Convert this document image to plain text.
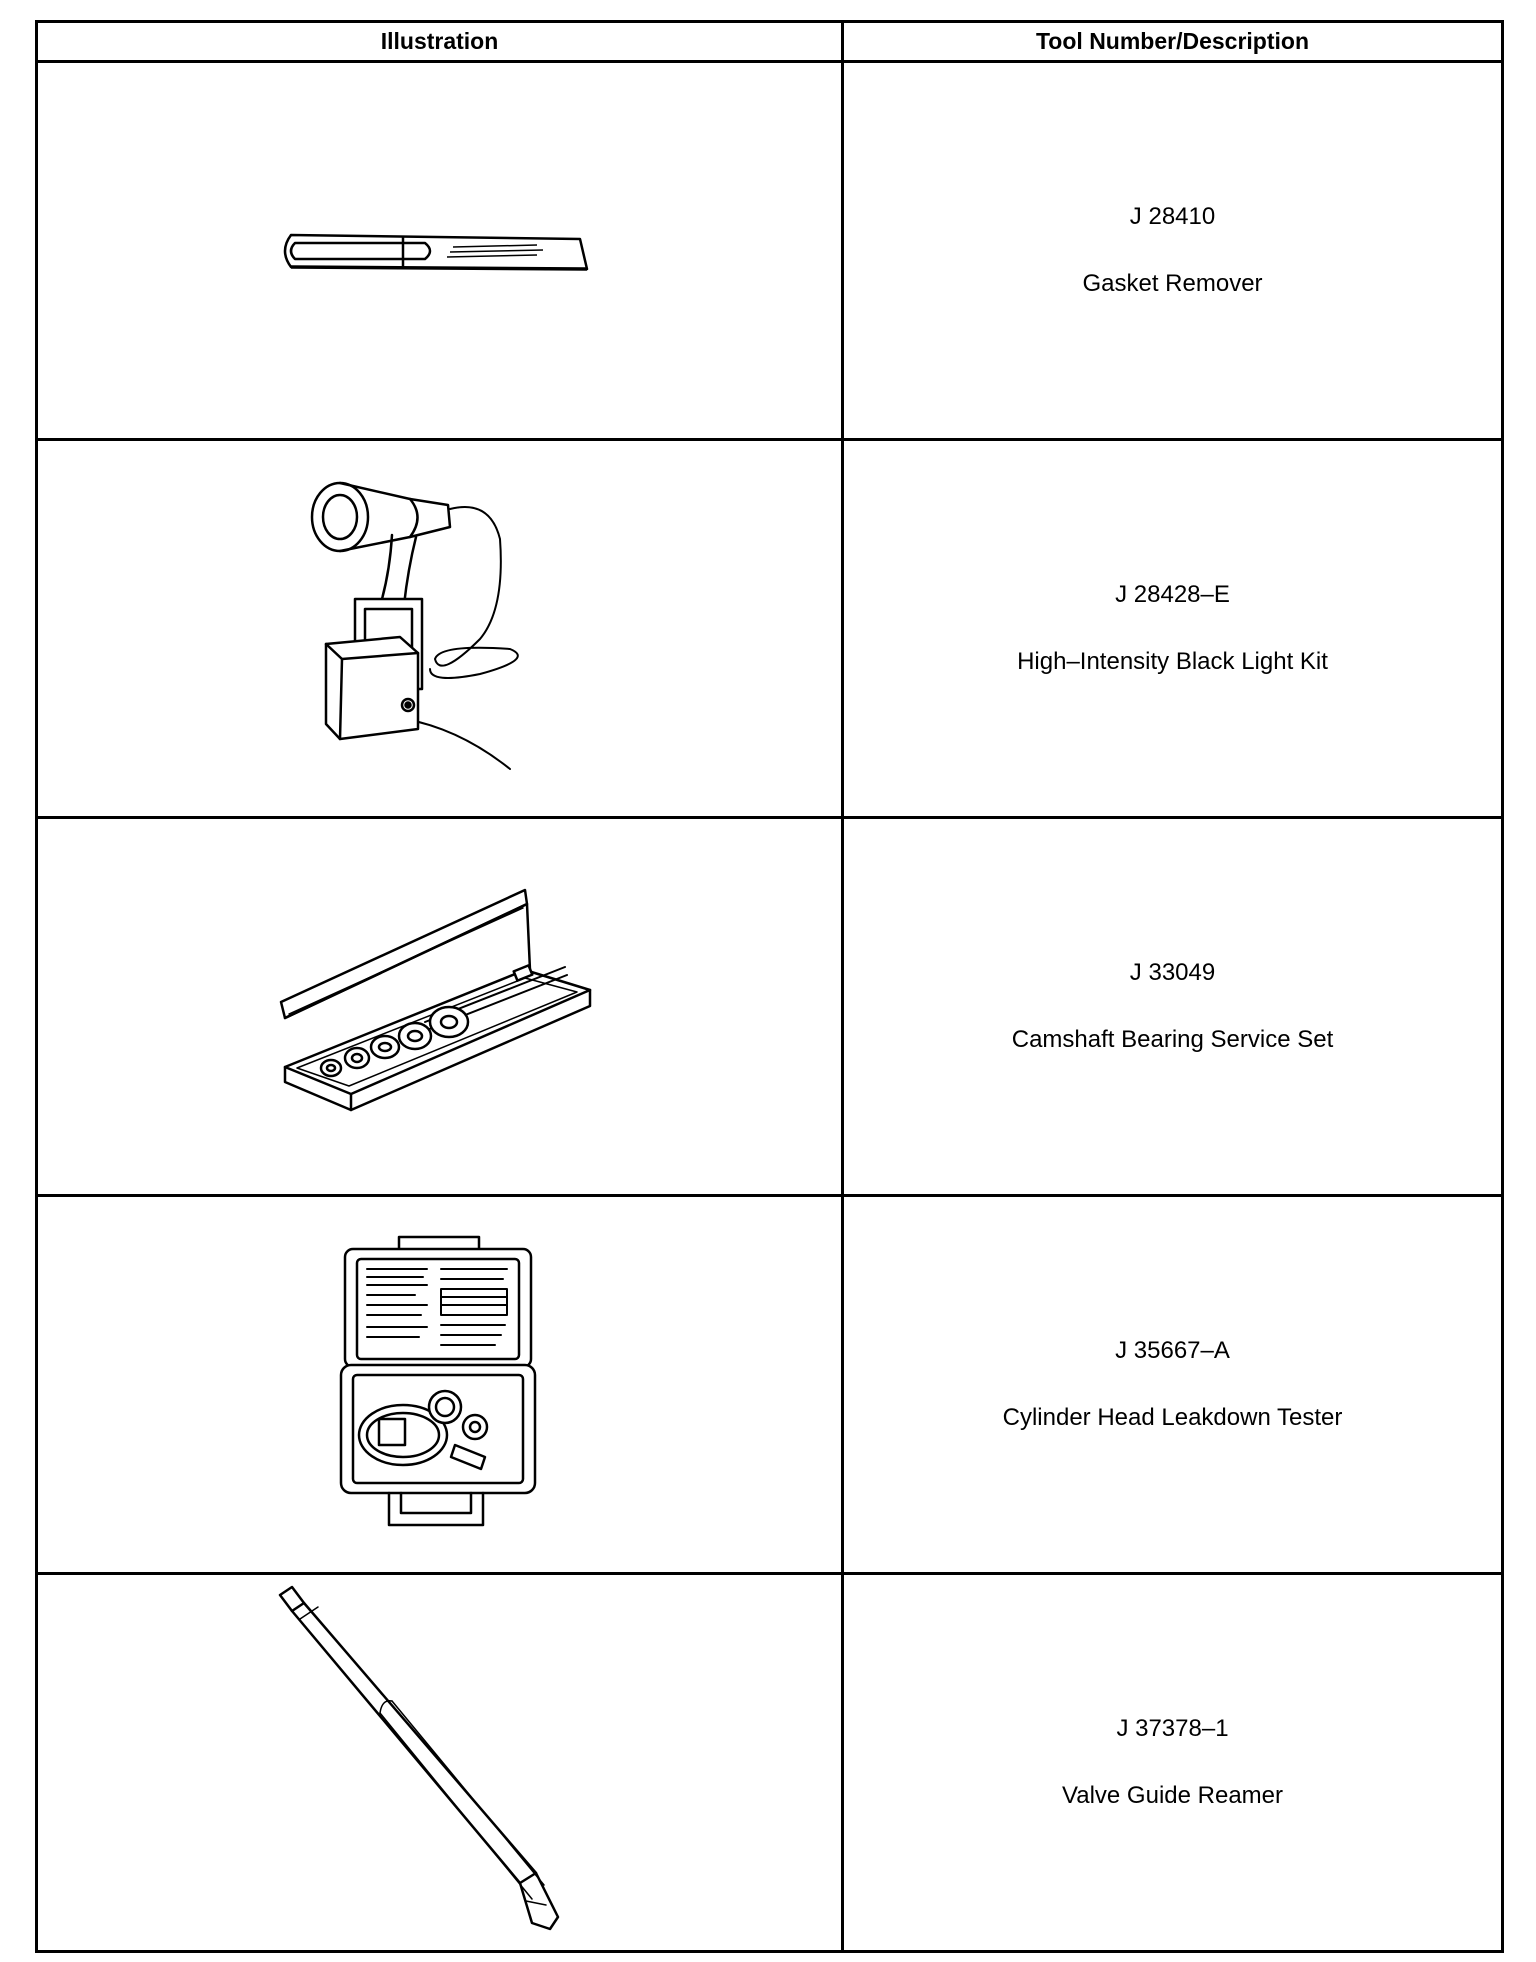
Illustration	Tool Number/Description

J 28410
Gasket Remover

J 28428–E
High–Intensity Black Light Kit

J 33049
Camshaft Bearing Service Set

J 35667–A
Cylinder Head Leakdown Tester

J 37378–1
Valve Guide Reamer
